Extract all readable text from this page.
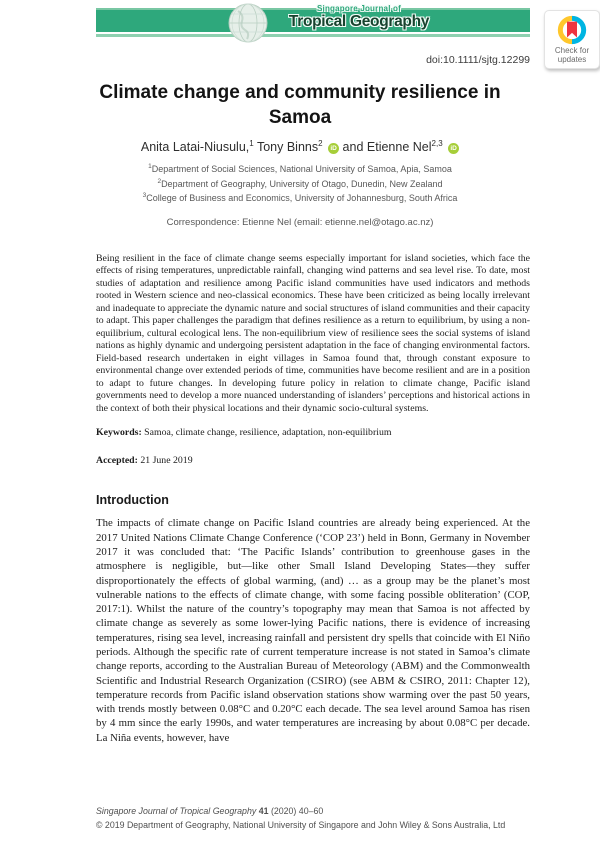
Singapore Journal of
Tropical Geography
Check for
updates
doi:10.1111/sjtg.12299
Climate change and community resilience in Samoa
Anita Latai-Niusulu,$^1$ Tony Binns$^2$ iD and Etienne Nel$^{2,3}$ iD
$^1$Department of Social Sciences, National University of Samoa, Apia, Samoa
$^2$Department of Geography, University of Otago, Dunedin, New Zealand
$^3$College of Business and Economics, University of Johannesburg, South Africa
Correspondence: Etienne Nel (email: etienne.nel@otago.ac.nz)

Being resilient in the face of climate change seems especially important for island societies, which face the effects of rising temperatures, unpredictable rainfall, changing wind patterns and sea level rise. To date, most studies of adaptation and resilience among Pacific island communities have used indicators and methods rooted in Western science and neo-classical economics. These have been criticized as being locally irrelevant and inadequate to appreciate the dynamic nature and social structures of island communities and their capacity to adapt. This paper challenges the paradigm that defines resilience as a return to equilibrium, by using a non-equilibrium, cultural ecological lens. The non-equilibrium view of resilience sees the social systems of island nations as highly dynamic and undergoing persistent adaptation in the face of changing environmental factors. Field-based research undertaken in eight villages in Samoa found that, through constant exposure to environmental change over extended periods of time, communities have become resilient and are in a position to adapt to future changes. In developing future policy in relation to climate change, Pacific island governments need to develop a more nuanced understanding of islanders’ perceptions and historical actions in the context of both their physical locations and their dynamic socio-cultural systems.

Keywords: Samoa, climate change, resilience, adaptation, non-equilibrium
Accepted: 21 June 2019
Introduction

The impacts of climate change on Pacific Island countries are already being experienced. At the 2017 United Nations Climate Change Conference (‘COP 23’) held in Bonn, Germany in November 2017 it was concluded that: ‘The Pacific Islands’ contribution to greenhouse gases in the atmosphere is negligible, but—like other Small Island Developing States—they suffer disproportionately the effects of global warming, (and) … as a group may be the planet’s most vulnerable nations to the effects of climate change, with some facing possible obliteration’ (COP, 2017:1). Whilst the nature of the country’s topography may mean that Samoa is not affected by climate change as severely as some lower-lying Pacific nations, there is evidence of increasing temperatures, rising sea level, increasing rainfall and persistent dry spells that coincide with El Niño periods. Although the specific rate of current temperature increase is not stated in Samoa’s climate change reports, according to the Australian Bureau of Meteorology (ABM) and the Commonwealth Scientific and Industrial Research Organization (CSIRO) (see ABM & CSIRO, 2011: Chapter 12), temperature records from Pacific island observation stations show warming over the past 50 years, with trends mostly between 0.08°C and 0.20°C each decade. The sea level around Samoa has risen by 4 mm since the early 1990s, and water temperatures are increasing by about 0.08°C per decade. La Niña events, however, have

Singapore Journal of Tropical Geography 41 (2020) 40–60
© 2019 Department of Geography, National University of Singapore and John Wiley & Sons Australia, Ltd
